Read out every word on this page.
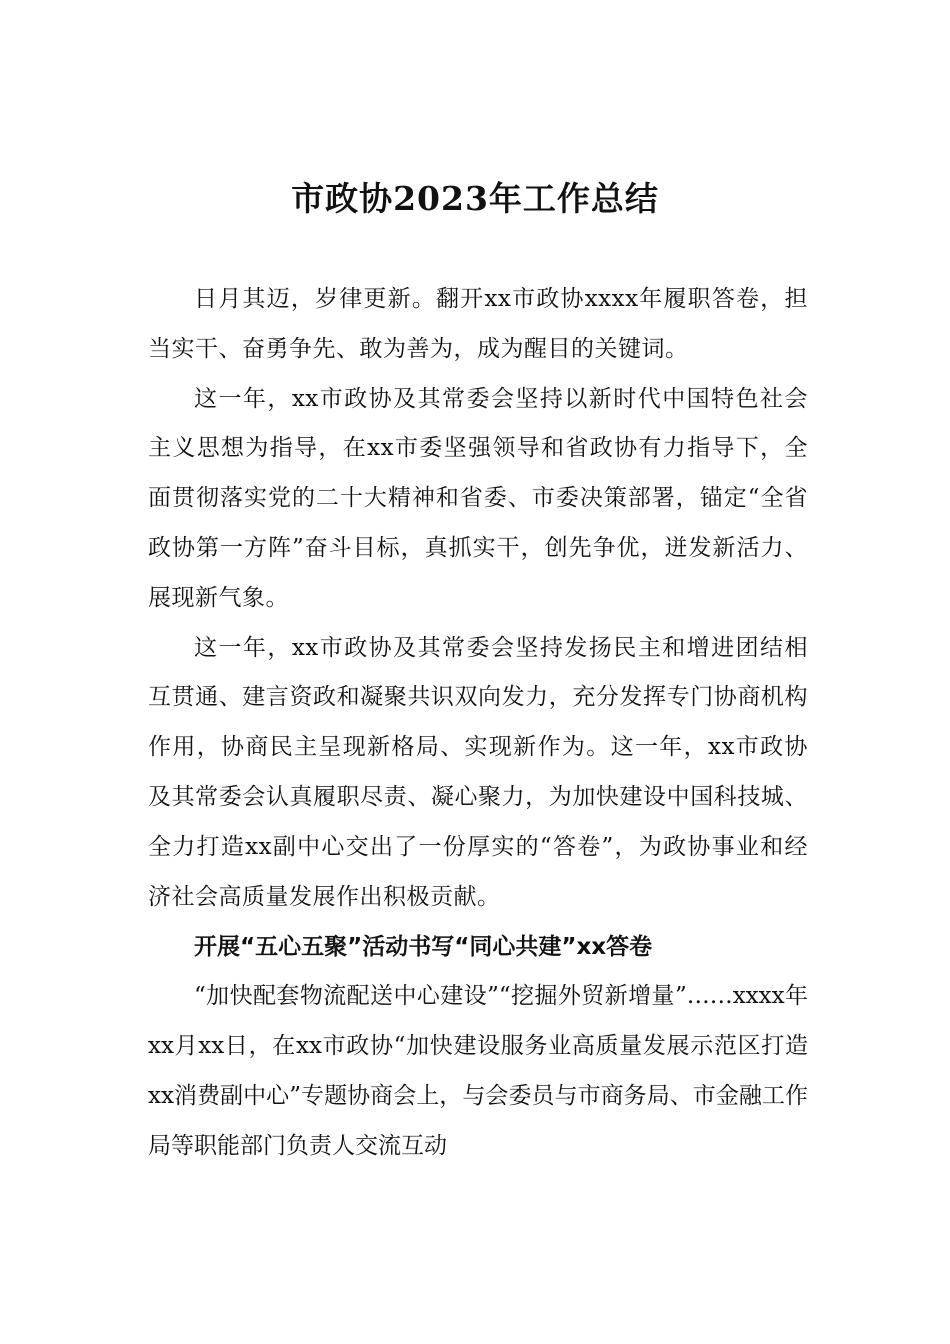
市政协2023年工作总结

日月其迈，岁律更新。翻开xx市政协xxxx年履职答卷，担当实干、奋勇争先、敢为善为，成为醒目的关键词。

这一年，xx市政协及其常委会坚持以新时代中国特色社会主义思想为指导，在xx市委坚强领导和省政协有力指导下，全面贯彻落实党的二十大精神和省委、市委决策部署，锚定“全省政协第一方阵”奋斗目标，真抓实干，创先争优，迸发新活力、展现新气象。

这一年，xx市政协及其常委会坚持发扬民主和增进团结相互贯通、建言资政和凝聚共识双向发力，充分发挥专门协商机构作用，协商民主呈现新格局、实现新作为。这一年，xx市政协及其常委会认真履职尽责、凝心聚力，为加快建设中国科技城、全力打造xx副中心交出了一份厚实的“答卷”，为政协事业和经济社会高质量发展作出积极贡献。

开展“五心五聚”活动书写“同心共建”xx答卷

“加快配套物流配送中心建设”“挖掘外贸新增量”……xxxx年xx月xx日，在xx市政协“加快建设服务业高质量发展示范区打造xx消费副中心”专题协商会上，与会委员与市商务局、市金融工作局等职能部门负责人交流互动
